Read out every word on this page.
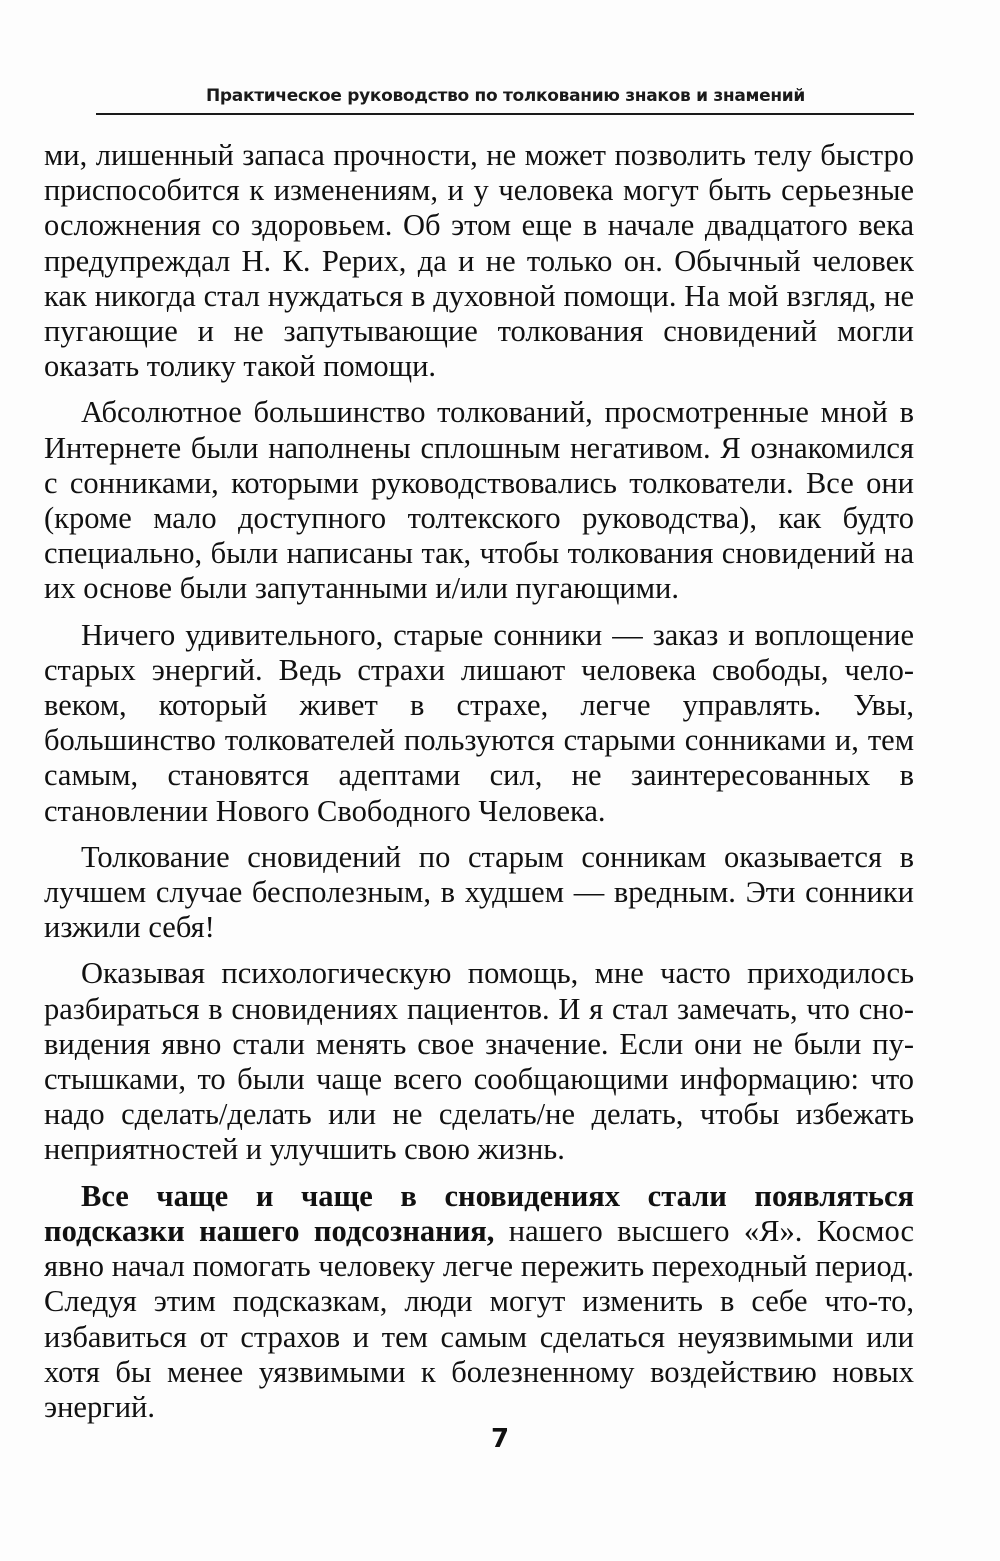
Практическое руководство по толкованию знаков и знамений

ми, лишенный запаса прочности, не может позволить телу быстро приспособится к изменениям, и у человека могут быть серьезные осложнения со здоровьем. Об этом еще в начале двадцатого века предупреждал Н. К. Рерих, да и не только он. Обычный человек как никогда стал нуждаться в духовной помощи. На мой взгляд, не пугающие и не запутывающие толкования сновидений могли оказать толику такой помощи.

Абсолютное большинство толкований, просмотренные мной в Интернете были наполнены сплошным негативом. Я ознакомился с сонниками, которыми руководствовались толкователи. Все они (кроме мало доступного толтекского руководства), как будто специально, были написаны так, чтобы толкования сновидений на их основе были запутанными и/или пугающими.

Ничего удивительного, старые сонники — заказ и воплощение старых энергий. Ведь страхи лишают человека свободы, человеком, который живет в страхе, легче управлять. Увы, большинство толкователей пользуются старыми сонниками и, тем самым, становятся адептами сил, не заинтересованных в становлении Нового Свободного Человека.

Толкование сновидений по старым сонникам оказывается в лучшем случае бесполезным, в худшем — вредным. Эти сонники изжили себя!

Оказывая психологическую помощь, мне часто приходилось разбираться в сновидениях пациентов. И я стал замечать, что сновидения явно стали менять свое значение. Если они не были пустышками, то были чаще всего сообщающими информацию: что надо сделать/делать или не сделать/не делать, чтобы избежать неприятностей и улучшить свою жизнь.

Все чаще и чаще в сновидениях стали появляться подсказки нашего подсознания, нашего высшего «Я». Космос явно начал помогать человеку легче пережить переходный период. Следуя этим подсказкам, люди могут изменить в себе что-то, избавиться от страхов и тем самым сделаться неуязвимыми или хотя бы менее уязвимыми к болезненному воздействию новых энергий.

7
